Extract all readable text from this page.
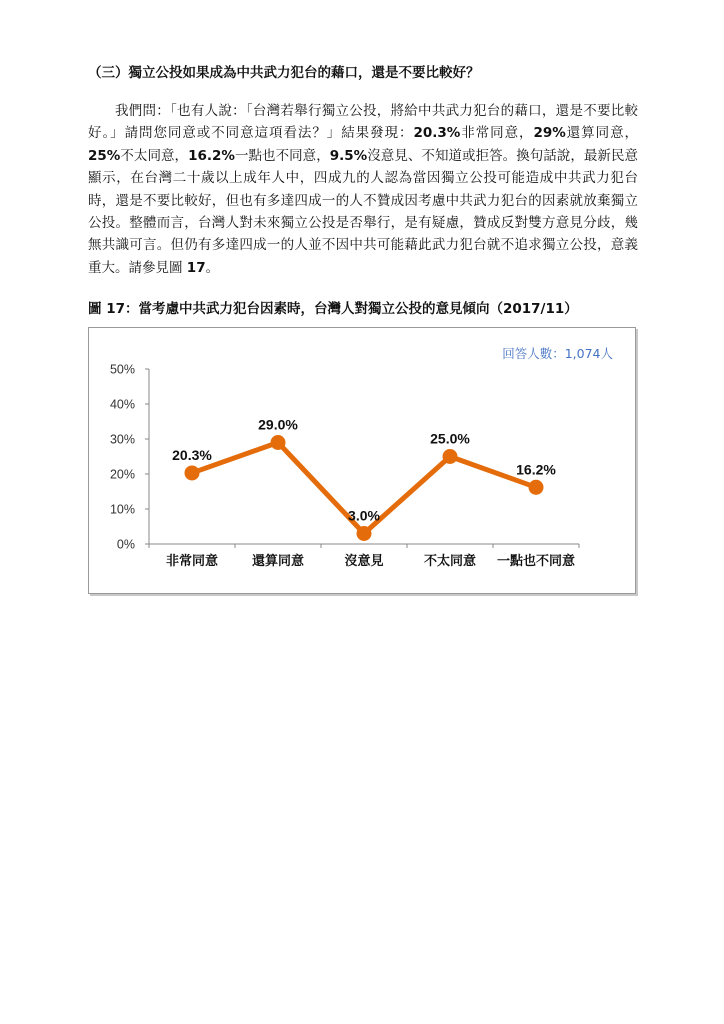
（三）獨立公投如果成為中共武力犯台的藉口，還是不要比較好？
我們問：「也有人說：「台灣若舉行獨立公投，將給中共武力犯台的藉口，還是不要比較好。」請問您同意或不同意這項看法？」結果發現：20.3%非常同意，29%還算同意，25%不太同意，16.2%一點也不同意，9.5%沒意見、不知道或拒答。換句話說，最新民意顯示，在台灣二十歲以上成年人中，四成九的人認為當因獨立公投可能造成中共武力犯台時，還是不要比較好，但也有多達四成一的人不贊成因考慮中共武力犯台的因素就放棄獨立公投。整體而言，台灣人對未來獨立公投是否舉行，是有疑慮，贊成反對雙方意見分歧，幾無共識可言。但仍有多達四成一的人並不因中共可能藉此武力犯台就不追求獨立公投，意義重大。請參見圖 17。
圖 17：當考慮中共武力犯台因素時，台灣人對獨立公投的意見傾向（2017/11）
回答人數：1,074人
0%
10%
20%
30%
40%
50%
非常同意	還算同意	沒意見	不太同意 一點也不同意
20.3%
29.0%
3.0%
25.0%
16.2%
